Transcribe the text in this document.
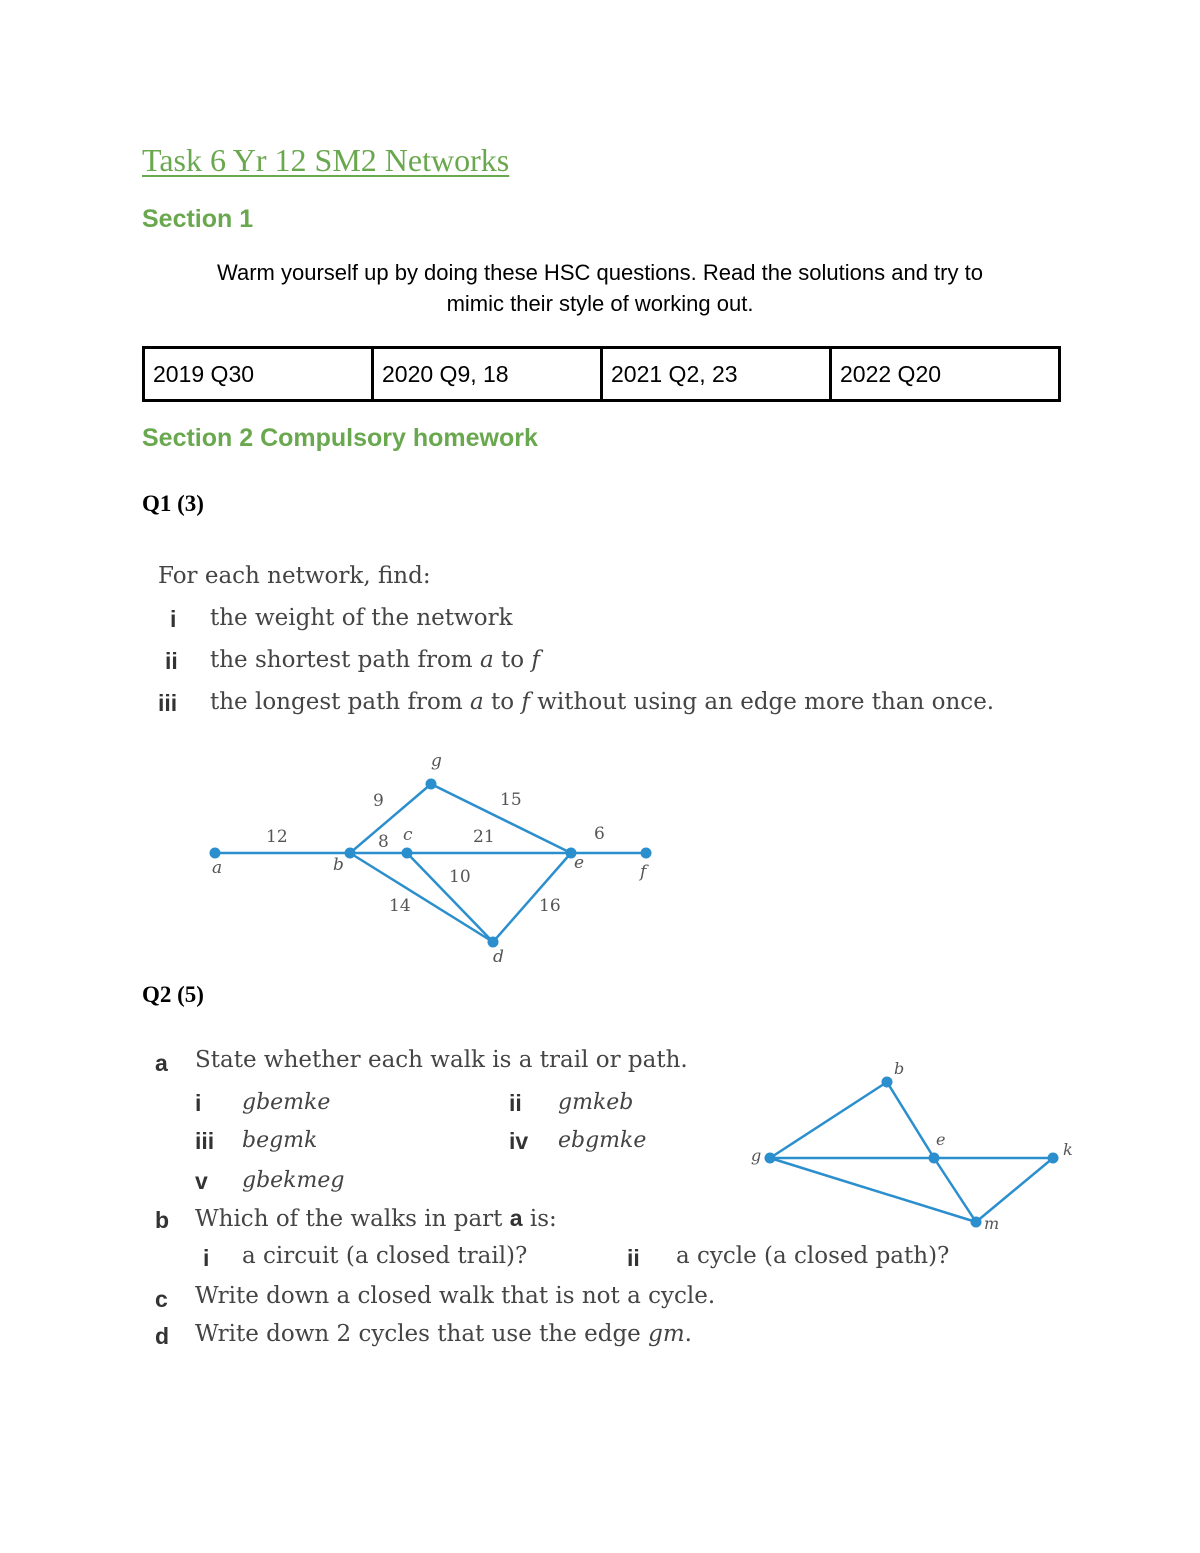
Task 6 Yr 12 SM2 Networks
Section 1
Warm yourself up by doing these HSC questions. Read the solutions and try to
mimic their style of working out.
2019 Q30	2020 Q9, 18	2021 Q2, 23	2022 Q20
Section 2 Compulsory homework
Q1 (3)
For each network, find:
i the weight of the network
ii the shortest path from a to f
iii the longest path from a to f without using an edge more than once.
a	b
c
d
e	f
g
12
9	15
8	21	6
10
14	16
b
g
e
k
m
Q2 (5)
a State whether each walk is a trail or path.
i gbemke	ii gmkeb
iii begmk	iv ebgmke
v gbekmeg
b Which of the walks in part a is:
i a circuit (a closed trail)?	ii a cycle (a closed path)?
c Write down a closed walk that is not a cycle.
d Write down 2 cycles that use the edge gm.
